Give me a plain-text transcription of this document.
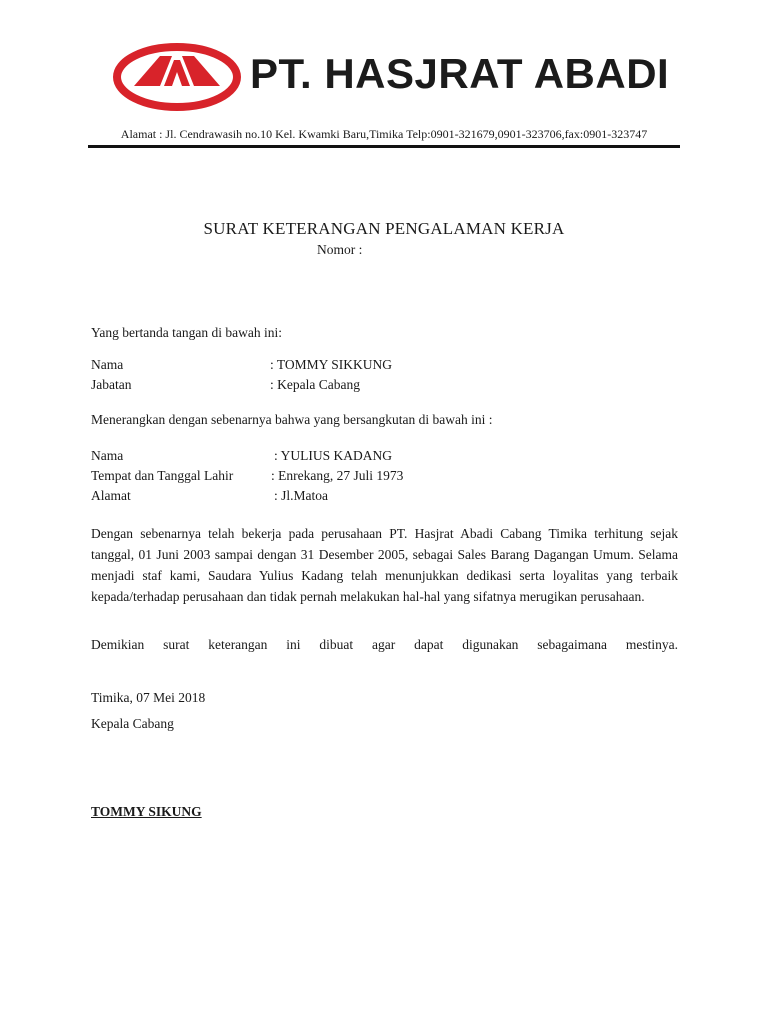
PT. HASJRAT ABADI
Alamat : Jl. Cendrawasih no.10 Kel. Kwamki Baru,Timika Telp:0901-321679,0901-323706,fax:0901-323747
SURAT KETERANGAN PENGALAMAN KERJA
Nomor :
Yang bertanda tangan di bawah ini:
Nama	: TOMMY SIKKUNG
Jabatan	: Kepala Cabang
Menerangkan dengan sebenarnya bahwa yang bersangkutan di bawah ini :
Nama	: YULIUS KADANG
Tempat dan Tanggal Lahir	: Enrekang, 27 Juli 1973
Alamat	: Jl.Matoa
Dengan sebenarnya telah bekerja pada perusahaan PT. Hasjrat Abadi Cabang Timika terhitung sejak tanggal, 01 Juni 2003 sampai dengan 31 Desember 2005, sebagai Sales Barang Dagangan Umum. Selama menjadi staf kami, Saudara Yulius Kadang telah menunjukkan dedikasi serta loyalitas yang terbaik kepada/terhadap perusahaan dan tidak pernah melakukan hal-hal yang sifatnya merugikan perusahaan.
Demikian surat keterangan ini dibuat agar dapat digunakan sebagaimana mestinya.
Timika, 07 Mei 2018
Kepala Cabang
TOMMY SIKUNG
